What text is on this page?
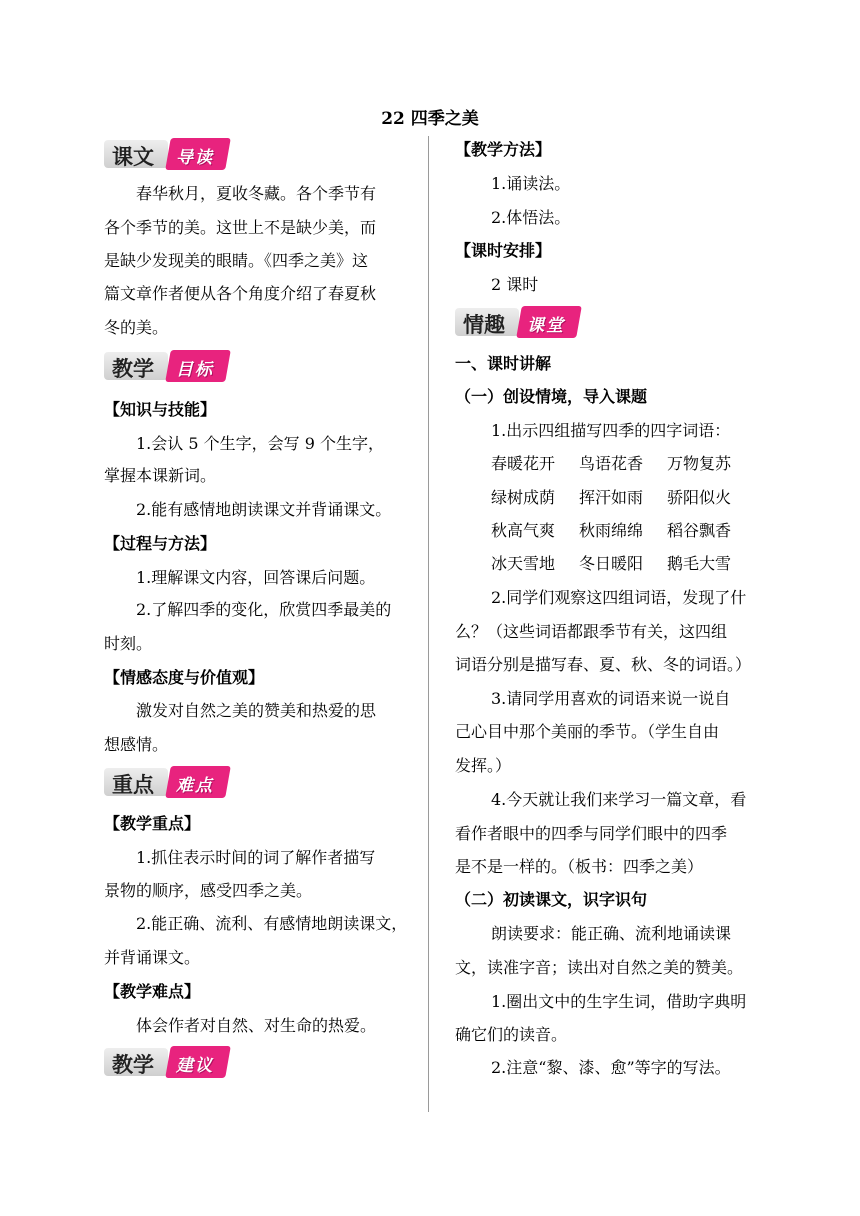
22 四季之美
课文 导读
春华秋月，夏收冬藏。各个季节有
各个季节的美。这世上不是缺少美，而
是缺少发现美的眼睛。《四季之美》这
篇文章作者便从各个角度介绍了春夏秋
冬的美。
教学 目标
【知识与技能】
1.会认 5 个生字，会写 9 个生字，
掌握本课新词。
2.能有感情地朗读课文并背诵课文。
【过程与方法】
1.理解课文内容，回答课后问题。
2.了解四季的变化，欣赏四季最美的
时刻。
【情感态度与价值观】
激发对自然之美的赞美和热爱的思
想感情。
重点 难点
【教学重点】
1.抓住表示时间的词了解作者描写
景物的顺序，感受四季之美。
2.能正确、流利、有感情地朗读课文，
并背诵课文。
【教学难点】
体会作者对自然、对生命的热爱。
教学 建议
【教学方法】
1.诵读法。
2.体悟法。
【课时安排】
2 课时
情趣 课堂
一、课时讲解
（一）创设情境，导入课题
1.出示四组描写四季的四字词语：
春暖花开 鸟语花香 万物复苏
绿树成荫 挥汗如雨 骄阳似火
秋高气爽 秋雨绵绵 稻谷飘香
冰天雪地 冬日暖阳 鹅毛大雪
2.同学们观察这四组词语，发现了什
么？（这些词语都跟季节有关，这四组
词语分别是描写春、夏、秋、冬的词语。）
3.请同学用喜欢的词语来说一说自
己心目中那个美丽的季节。（学生自由
发挥。）
4.今天就让我们来学习一篇文章，看
看作者眼中的四季与同学们眼中的四季
是不是一样的。（板书：四季之美）
（二）初读课文，识字识句
朗读要求：能正确、流利地诵读课
文，读准字音；读出对自然之美的赞美。
1.圈出文中的生字生词，借助字典明
确它们的读音。
2.注意“黎、漆、愈”等字的写法。
